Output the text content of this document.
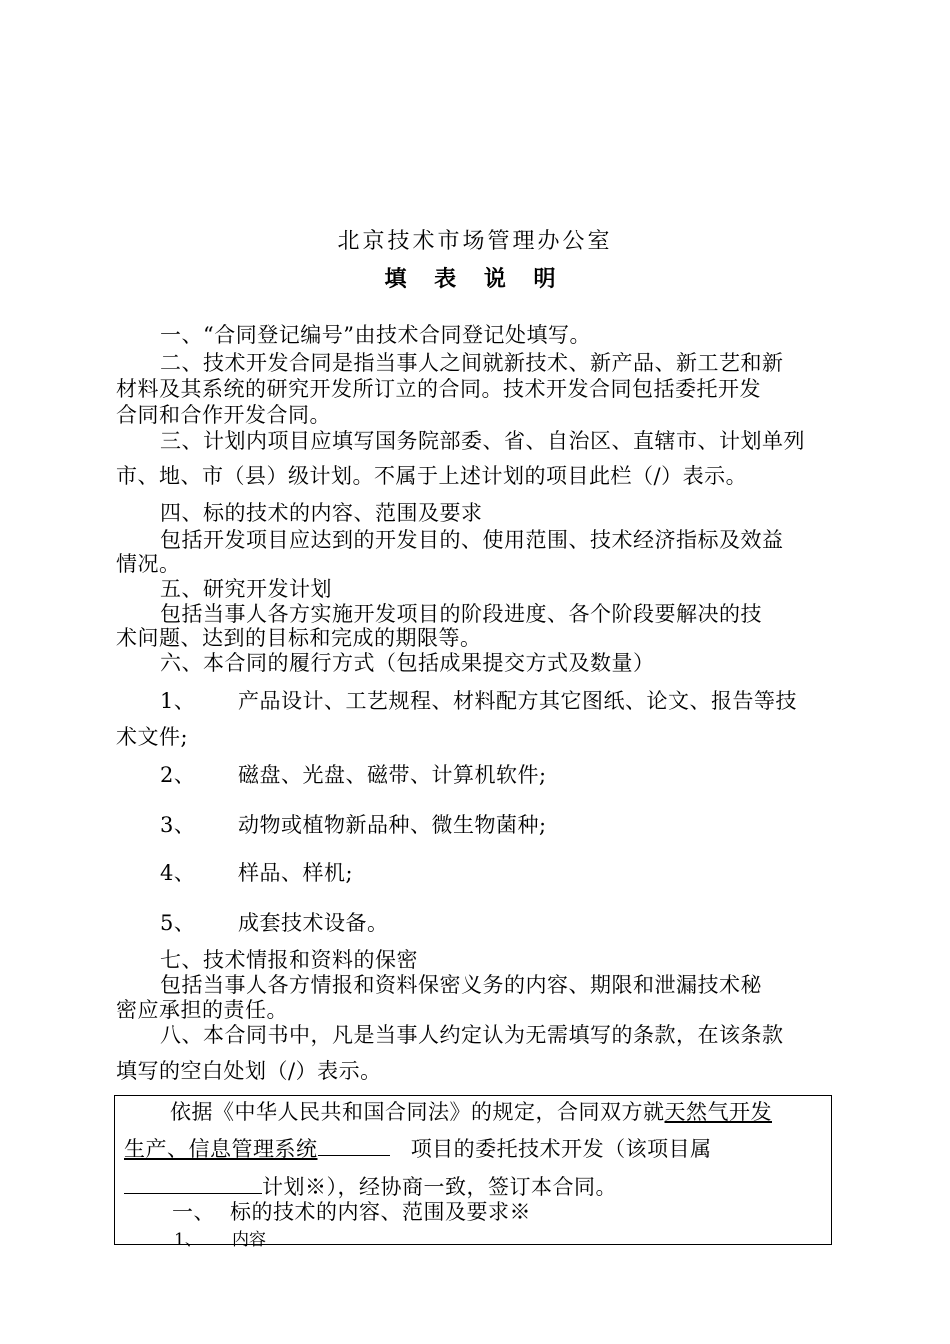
北京技术市场管理办公室
填 表 说 明
一、“合同登记编号”由技术合同登记处填写。
二、技术开发合同是指当事人之间就新技术、新产品、新工艺和新
材料及其系统的研究开发所订立的合同。技术开发合同包括委托开发
合同和合作开发合同。
三、计划内项目应填写国务院部委、省、自治区、直辖市、计划单列
市、地、市（县）级计划。不属于上述计划的项目此栏（/）表示。
四、标的技术的内容、范围及要求
包括开发项目应达到的开发目的、使用范围、技术经济指标及效益
情况。
五、研究开发计划
包括当事人各方实施开发项目的阶段进度、各个阶段要解决的技
术问题、达到的目标和完成的期限等。
六、本合同的履行方式（包括成果提交方式及数量）
1、 产品设计、工艺规程、材料配方其它图纸、论文、报告等技
术文件;
2、 磁盘、光盘、磁带、计算机软件;
3、 动物或植物新品种、微生物菌种;
4、 样品、样机;
5、 成套技术设备。
七、技术情报和资料的保密
包括当事人各方情报和资料保密义务的内容、期限和泄漏技术秘
密应承担的责任。
八、本合同书中，凡是当事人约定认为无需填写的条款，在该条款
填写的空白处划（/）表示。
依据《中华人民共和国合同法》的规定，合同双方就天然气开发
生产、信息管理系统	项目的委托技术开发（该项目属
计划※），经协商一致，签订本合同。
一、 标的技术的内容、范围及要求※
1、 内容
